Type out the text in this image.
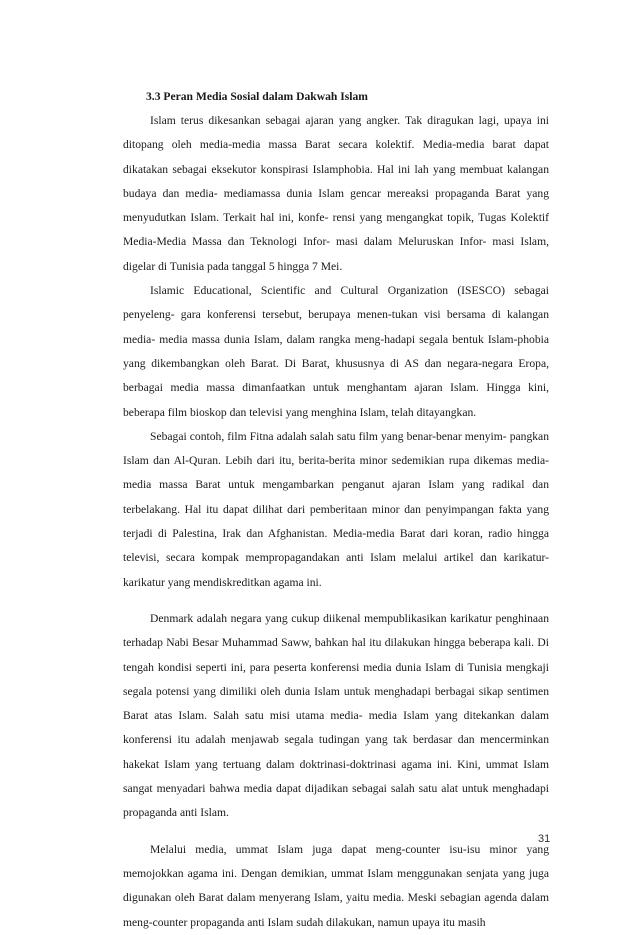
3.3 Peran Media Sosial dalam Dakwah Islam

Islam terus dikesankan sebagai ajaran yang angker. Tak diragukan lagi, upaya ini ditopang oleh media-media massa Barat secara kolektif. Media-media barat dapat dikatakan sebagai eksekutor konspirasi Islamphobia. Hal ini lah yang membuat kalangan budaya dan media- mediamassa dunia Islam gencar mereaksi propaganda Barat yang menyudutkan Islam. Terkait hal ini, konfe- rensi yang mengangkat topik, Tugas Kolektif Media-Media Massa dan Teknologi Infor- masi dalam Meluruskan Infor- masi Islam, digelar di Tunisia pada tanggal 5 hingga 7 Mei.

Islamic Educational, Scientific and Cultural Organization (ISESCO) sebagai penyeleng- gara konferensi tersebut, berupaya menen-tukan visi bersama di kalangan media- media massa dunia Islam, dalam rangka meng-hadapi segala bentuk Islam-phobia yang dikembangkan oleh Barat. Di Barat, khususnya di AS dan negara-negara Eropa, berbagai media massa dimanfaatkan untuk menghantam ajaran Islam. Hingga kini, beberapa film bioskop dan televisi yang menghina Islam, telah ditayangkan.

Sebagai contoh, film Fitna adalah salah satu film yang benar-benar menyim- pangkan Islam dan Al-Quran. Lebih dari itu, berita-berita minor sedemikian rupa dikemas media-media massa Barat untuk mengambarkan penganut ajaran Islam yang radikal dan terbelakang. Hal itu dapat dilihat dari pemberitaan minor dan penyimpangan fakta yang terjadi di Palestina, Irak dan Afghanistan. Media-media Barat dari koran, radio hingga televisi, secara kompak mempropagandakan anti Islam melalui artikel dan karikatur- karikatur yang mendiskreditkan agama ini.

Denmark adalah negara yang cukup diikenal mempublikasikan karikatur penghinaan terhadap Nabi Besar Muhammad Saww, bahkan hal itu dilakukan hingga beberapa kali. Di tengah kondisi seperti ini, para peserta konferensi media dunia Islam di Tunisia mengkaji segala potensi yang dimiliki oleh dunia Islam untuk menghadapi berbagai sikap sentimen Barat atas Islam. Salah satu misi utama media- media Islam yang ditekankan dalam konferensi itu adalah menjawab segala tudingan yang tak berdasar dan mencerminkan hakekat Islam yang tertuang dalam doktrinasi-doktrinasi agama ini. Kini, ummat Islam sangat menyadari bahwa media dapat dijadikan sebagai salah satu alat untuk menghadapi propaganda anti Islam.

Melalui media, ummat Islam juga dapat meng-counter isu-isu minor yang memojokkan agama ini. Dengan demikian, ummat Islam menggunakan senjata yang juga digunakan oleh Barat dalam menyerang Islam, yaitu media. Meski sebagian agenda dalam meng-counter propaganda anti Islam sudah dilakukan, namun upaya itu masih

31
